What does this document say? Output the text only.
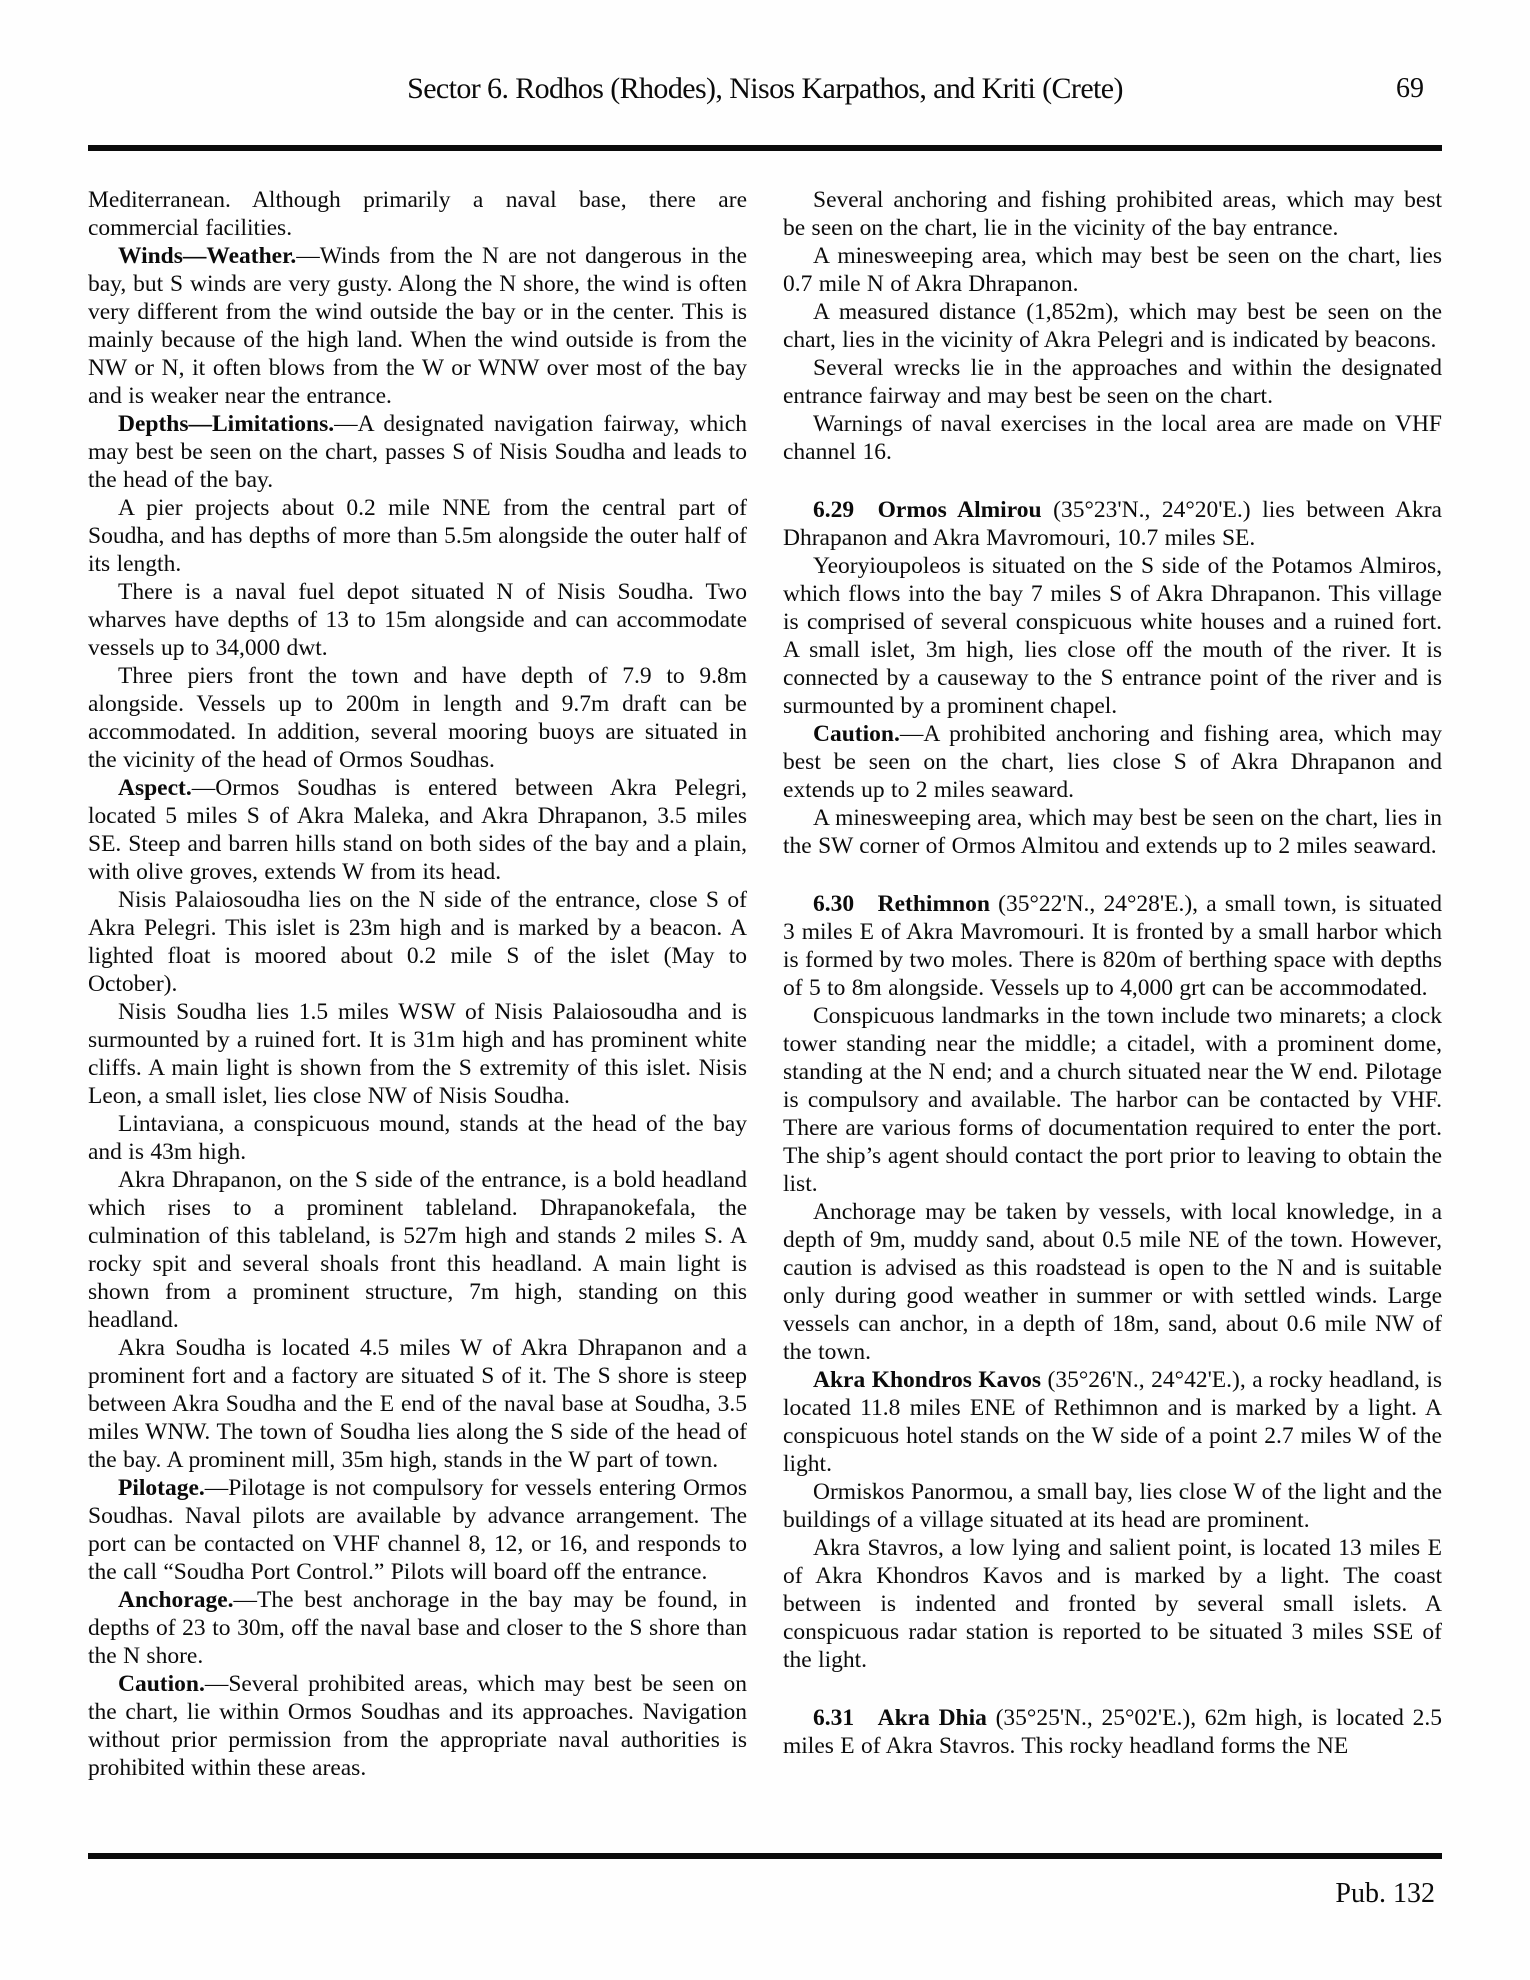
Sector 6. Rodhos (Rhodes), Nisos Karpathos, and Kriti (Crete)	69

Mediterranean. Although primarily a naval base, there are commercial facilities.

Winds—Weather.—Winds from the N are not dangerous in the bay, but S winds are very gusty. Along the N shore, the wind is often very different from the wind outside the bay or in the center. This is mainly because of the high land. When the wind outside is from the NW or N, it often blows from the W or WNW over most of the bay and is weaker near the entrance.

Depths—Limitations.—A designated navigation fairway, which may best be seen on the chart, passes S of Nisis Soudha and leads to the head of the bay.

A pier projects about 0.2 mile NNE from the central part of Soudha, and has depths of more than 5.5m alongside the outer half of its length.

There is a naval fuel depot situated N of Nisis Soudha. Two wharves have depths of 13 to 15m alongside and can accommodate vessels up to 34,000 dwt.

Three piers front the town and have depth of 7.9 to 9.8m alongside. Vessels up to 200m in length and 9.7m draft can be accommodated. In addition, several mooring buoys are situated in the vicinity of the head of Ormos Soudhas.

Aspect.—Ormos Soudhas is entered between Akra Pelegri, located 5 miles S of Akra Maleka, and Akra Dhrapanon, 3.5 miles SE. Steep and barren hills stand on both sides of the bay and a plain, with olive groves, extends W from its head.

Nisis Palaiosoudha lies on the N side of the entrance, close S of Akra Pelegri. This islet is 23m high and is marked by a beacon. A lighted float is moored about 0.2 mile S of the islet (May to October).

Nisis Soudha lies 1.5 miles WSW of Nisis Palaiosoudha and is surmounted by a ruined fort. It is 31m high and has prominent white cliffs. A main light is shown from the S extremity of this islet. Nisis Leon, a small islet, lies close NW of Nisis Soudha.

Lintaviana, a conspicuous mound, stands at the head of the bay and is 43m high.

Akra Dhrapanon, on the S side of the entrance, is a bold headland which rises to a prominent tableland. Dhrapanokefala, the culmination of this tableland, is 527m high and stands 2 miles S. A rocky spit and several shoals front this headland. A main light is shown from a prominent structure, 7m high, standing on this headland.

Akra Soudha is located 4.5 miles W of Akra Dhrapanon and a prominent fort and a factory are situated S of it. The S shore is steep between Akra Soudha and the E end of the naval base at Soudha, 3.5 miles WNW. The town of Soudha lies along the S side of the head of the bay. A prominent mill, 35m high, stands in the W part of town.

Pilotage.—Pilotage is not compulsory for vessels entering Ormos Soudhas. Naval pilots are available by advance arrangement. The port can be contacted on VHF channel 8, 12, or 16, and responds to the call “Soudha Port Control.” Pilots will board off the entrance.

Anchorage.—The best anchorage in the bay may be found, in depths of 23 to 30m, off the naval base and closer to the S shore than the N shore.

Caution.—Several prohibited areas, which may best be seen on the chart, lie within Ormos Soudhas and its approaches. Navigation without prior permission from the appropriate naval authorities is prohibited within these areas.

Several anchoring and fishing prohibited areas, which may best be seen on the chart, lie in the vicinity of the bay entrance.

A minesweeping area, which may best be seen on the chart, lies 0.7 mile N of Akra Dhrapanon.

A measured distance (1,852m), which may best be seen on the chart, lies in the vicinity of Akra Pelegri and is indicated by beacons.

Several wrecks lie in the approaches and within the designated entrance fairway and may best be seen on the chart.

Warnings of naval exercises in the local area are made on VHF channel 16.

6.29  Ormos Almirou (35°23'N., 24°20'E.) lies between Akra Dhrapanon and Akra Mavromouri, 10.7 miles SE.

Yeoryioupoleos is situated on the S side of the Potamos Almiros, which flows into the bay 7 miles S of Akra Dhrapanon. This village is comprised of several conspicuous white houses and a ruined fort. A small islet, 3m high, lies close off the mouth of the river. It is connected by a causeway to the S entrance point of the river and is surmounted by a prominent chapel.

Caution.—A prohibited anchoring and fishing area, which may best be seen on the chart, lies close S of Akra Dhrapanon and extends up to 2 miles seaward.

A minesweeping area, which may best be seen on the chart, lies in the SW corner of Ormos Almitou and extends up to 2 miles seaward.

6.30  Rethimnon (35°22'N., 24°28'E.), a small town, is situated 3 miles E of Akra Mavromouri. It is fronted by a small harbor which is formed by two moles. There is 820m of berthing space with depths of 5 to 8m alongside. Vessels up to 4,000 grt can be accommodated.

Conspicuous landmarks in the town include two minarets; a clock tower standing near the middle; a citadel, with a prominent dome, standing at the N end; and a church situated near the W end. Pilotage is compulsory and available. The harbor can be contacted by VHF. There are various forms of documentation required to enter the port. The ship’s agent should contact the port prior to leaving to obtain the list.

Anchorage may be taken by vessels, with local knowledge, in a depth of 9m, muddy sand, about 0.5 mile NE of the town. However, caution is advised as this roadstead is open to the N and is suitable only during good weather in summer or with settled winds. Large vessels can anchor, in a depth of 18m, sand, about 0.6 mile NW of the town.

Akra Khondros Kavos (35°26'N., 24°42'E.), a rocky headland, is located 11.8 miles ENE of Rethimnon and is marked by a light. A conspicuous hotel stands on the W side of a point 2.7 miles W of the light.

Ormiskos Panormou, a small bay, lies close W of the light and the buildings of a village situated at its head are prominent.

Akra Stavros, a low lying and salient point, is located 13 miles E of Akra Khondros Kavos and is marked by a light. The coast between is indented and fronted by several small islets. A conspicuous radar station is reported to be situated 3 miles SSE of the light.

6.31  Akra Dhia (35°25'N., 25°02'E.), 62m high, is located 2.5 miles E of Akra Stavros. This rocky headland forms the NE

Pub. 132
